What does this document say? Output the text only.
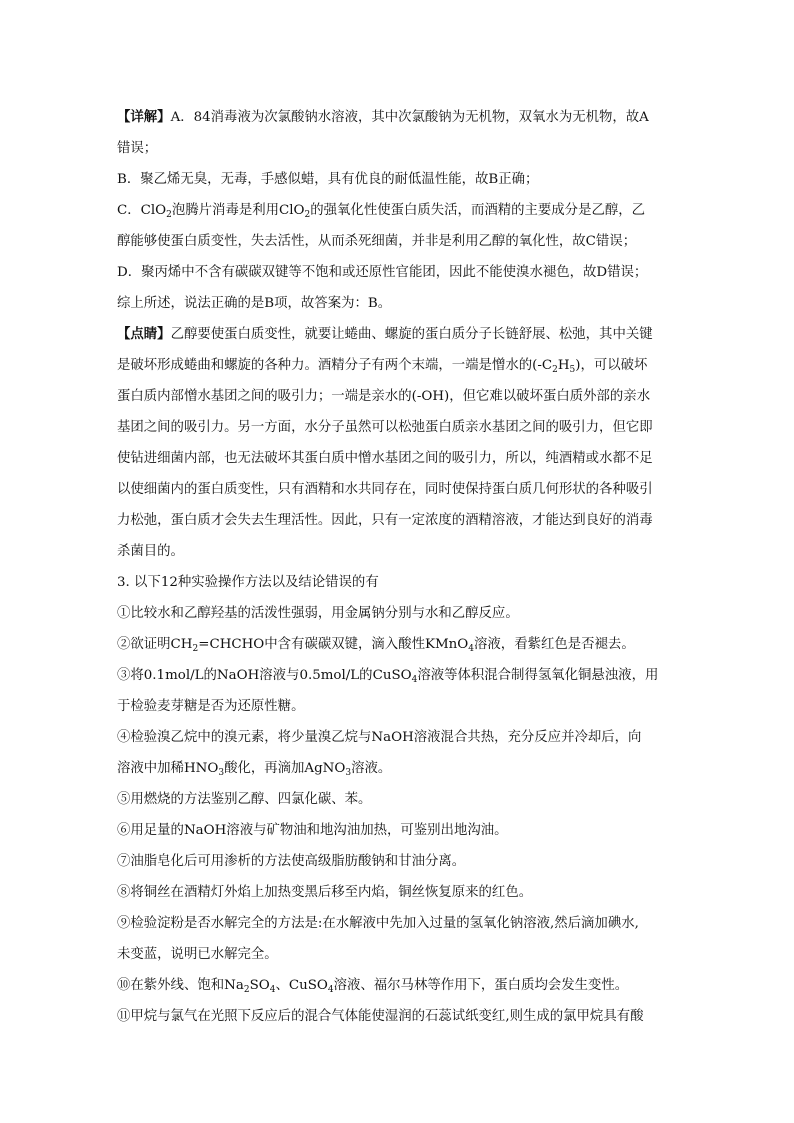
【详解】A．84消毒液为次氯酸钠水溶液，其中次氯酸钠为无机物，双氧水为无机物，故A

错误；

B．聚乙烯无臭，无毒，手感似蜡，具有优良的耐低温性能，故B正确；

C．ClO$_2$泡腾片消毒是利用ClO$_2$的强氧化性使蛋白质失活，而酒精的主要成分是乙醇，乙

醇能够使蛋白质变性，失去活性，从而杀死细菌，并非是利用乙醇的氧化性，故C错误；

D．聚丙烯中不含有碳碳双键等不饱和或还原性官能团，因此不能使溴水褪色，故D错误；

综上所述，说法正确的是B项，故答案为：B。

【点睛】乙醇要使蛋白质变性，就要让蜷曲、螺旋的蛋白质分子长链舒展、松弛，其中关键

是破坏形成蜷曲和螺旋的各种力。酒精分子有两个末端，一端是憎水的$(-C_2H_5)$，可以破坏

蛋白质内部憎水基团之间的吸引力；一端是亲水的(-OH)，但它难以破坏蛋白质外部的亲水

基团之间的吸引力。另一方面，水分子虽然可以松弛蛋白质亲水基团之间的吸引力，但它即

使钻进细菌内部，也无法破坏其蛋白质中憎水基团之间的吸引力，所以，纯酒精或水都不足

以使细菌内的蛋白质变性，只有酒精和水共同存在，同时使保持蛋白质几何形状的各种吸引

力松弛，蛋白质才会失去生理活性。因此，只有一定浓度的酒精溶液，才能达到良好的消毒

杀菌目的。

3. 以下12种实验操作方法以及结论错误的有

①比较水和乙醇羟基的活泼性强弱，用金属钠分别与水和乙醇反应。

②欲证明$CH_2=CHCHO$中含有碳碳双键，滴入酸性KMnO$_4$溶液，看紫红色是否褪去。

③将0.1mol/L的NaOH溶液与0.5mol/L的CuSO$_4$溶液等体积混合制得氢氧化铜悬浊液，用

于检验麦芽糖是否为还原性糖。

④检验溴乙烷中的溴元素，将少量溴乙烷与NaOH溶液混合共热，充分反应并冷却后，向

溶液中加稀$HNO_3$酸化，再滴加AgNO$_3$溶液。

⑤用燃烧的方法鉴别乙醇、四氯化碳、苯。

⑥用足量的NaOH溶液与矿物油和地沟油加热，可鉴别出地沟油。

⑦油脂皂化后可用渗析的方法使高级脂肪酸钠和甘油分离。

⑧将铜丝在酒精灯外焰上加热变黑后移至内焰，铜丝恢复原来的红色。

⑨检验淀粉是否水解完全的方法是:在水解液中先加入过量的氢氧化钠溶液,然后滴加碘水,

未变蓝，说明已水解完全。

⑩在紫外线、饱和$Na_2SO_4$、CuSO$_4$溶液、福尔马林等作用下，蛋白质均会发生变性。

⑪甲烷与氯气在光照下反应后的混合气体能使湿润的石蕊试纸变红,则生成的氯甲烷具有酸
